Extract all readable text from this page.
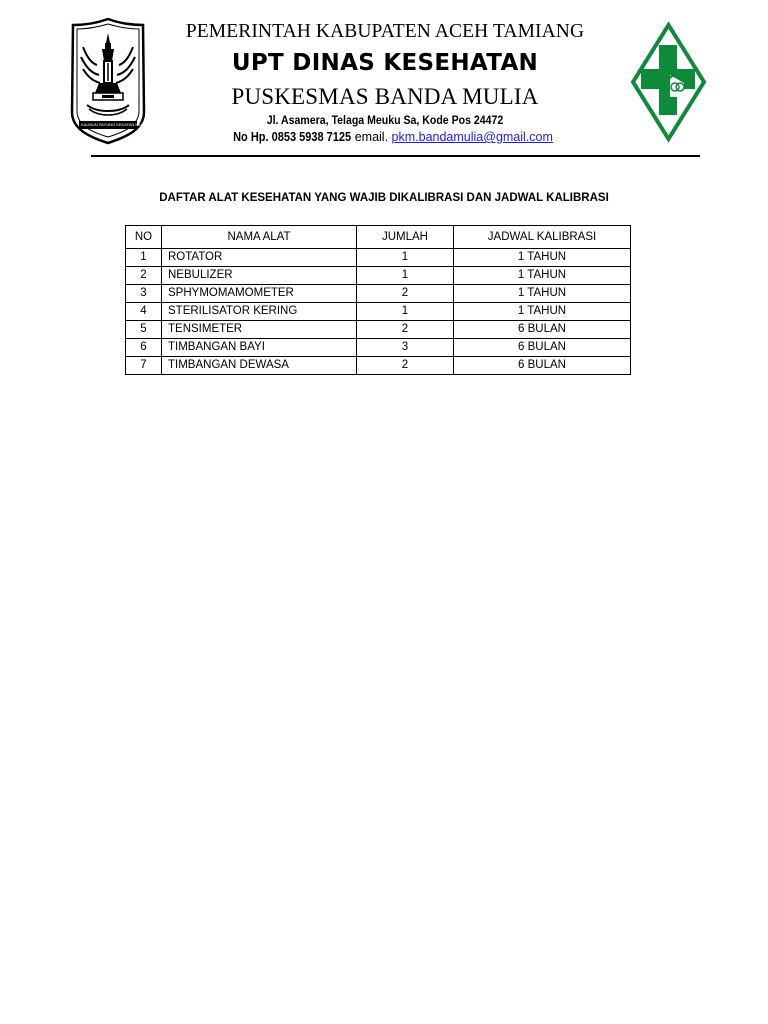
KAUBUN PAYUNG KEKATAN KAIIN
PEMERINTAH KABUPATEN ACEH TAMIANG
UPT DINAS KESEHATAN
PUSKESMAS BANDA MULIA
Jl. Asamera, Telaga Meuku Sa, Kode Pos 24472
No Hp. 0853 5938 7125 email. pkm.bandamulia@gmail.com
DAFTAR ALAT KESEHATAN YANG WAJIB DIKALIBRASI DAN JADWAL KALIBRASI
NO	NAMA ALAT	JUMLAH	JADWAL KALIBRASI
1	ROTATOR	1	1 TAHUN
2	NEBULIZER	1	1 TAHUN
3	SPHYMOMAMOMETER	2	1 TAHUN
4	STERILISATOR KERING	1	1 TAHUN
5	TENSIMETER	2	6 BULAN
6	TIMBANGAN BAYI	3	6 BULAN
7	TIMBANGAN DEWASA	2	6 BULAN
